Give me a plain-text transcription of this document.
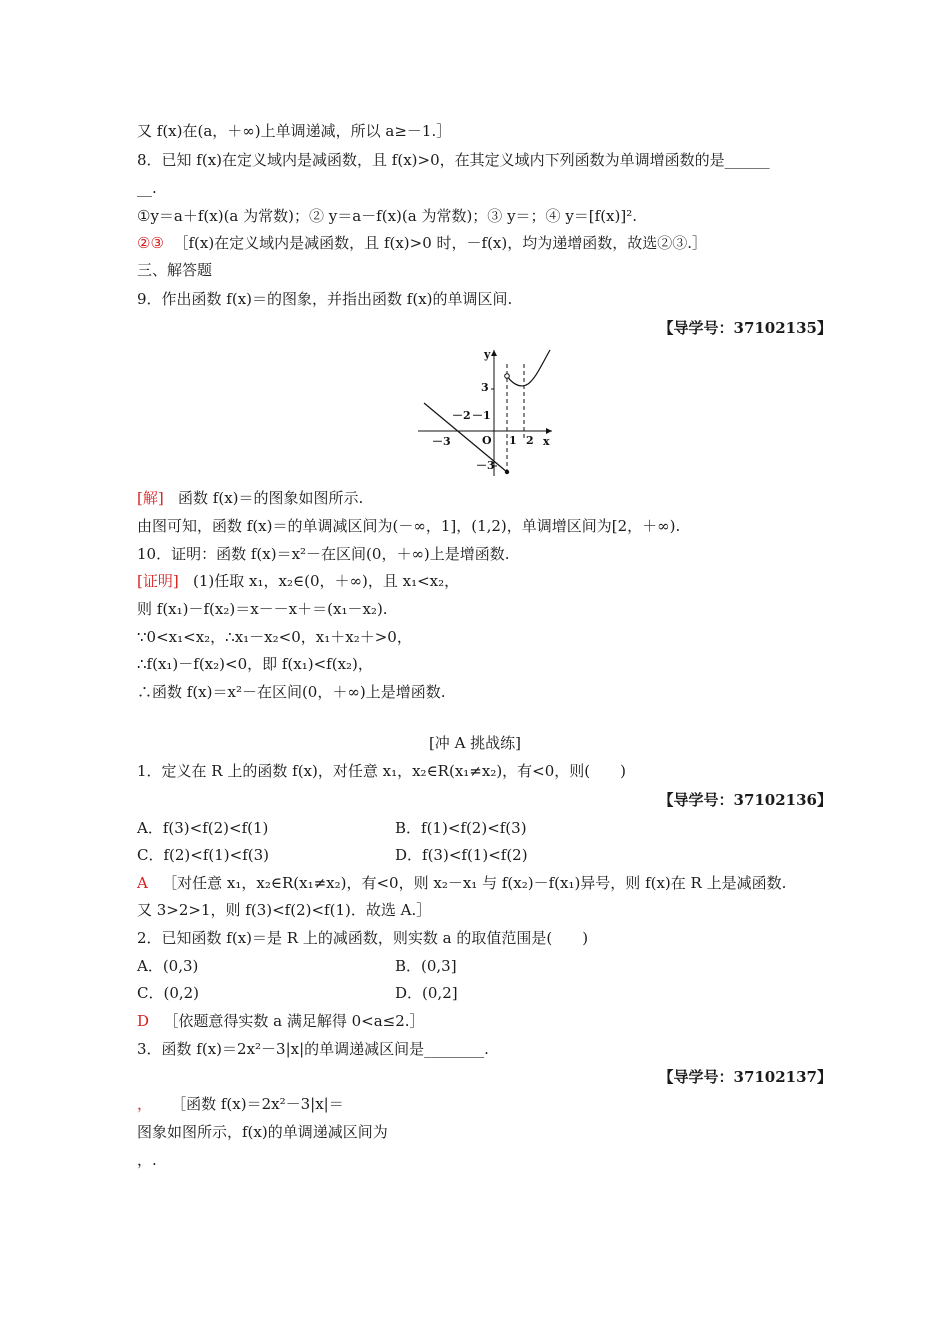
又 f(x)在(a，＋∞)上单调递减，所以 a≥－1.］
8．已知 f(x)在定义域内是减函数，且 f(x)>0，在其定义域内下列函数为单调增函数的是______
__.
①y＝a＋f(x)(a 为常数)；② y＝a－f(x)(a 为常数)；③ y＝；④ y＝[f(x)]².
②③ ［f(x)在定义域内是减函数，且 f(x)>0 时，－f(x)，均为递增函数，故选②③.］
三、解答题
9．作出函数 f(x)＝的图象，并指出函数 f(x)的单调区间.
【导学号：37102135】
y
x
3
－2 －1
－3	O 1 2
－3
[解] 函数 f(x)＝的图象如图所示.
由图可知，函数 f(x)＝的单调减区间为(－∞，1]，(1,2)，单调增区间为[2，＋∞).
10．证明：函数 f(x)＝x²－在区间(0，＋∞)上是增函数.
[证明] (1)任取 x₁，x₂∈(0，＋∞)，且 x₁<x₂，
则 f(x₁)－f(x₂)＝x－－x＋＝(x₁－x₂).
∵0<x₁<x₂，∴x₁－x₂<0，x₁＋x₂＋>0，
∴f(x₁)－f(x₂)<0，即 f(x₁)<f(x₂)，
∴函数 f(x)＝x²－在区间(0，＋∞)上是增函数.
[冲 A 挑战练]
1．定义在 R 上的函数 f(x)，对任意 x₁，x₂∈R(x₁≠x₂)，有<0，则(　　)
【导学号：37102136】
A．f(3)<f(2)<f(1)	B．f(1)<f(2)<f(3)
C．f(2)<f(1)<f(3)	D．f(3)<f(1)<f(2)
A ［对任意 x₁，x₂∈R(x₁≠x₂)，有<0，则 x₂－x₁ 与 f(x₂)－f(x₁)异号，则 f(x)在 R 上是减函数.
又 3>2>1，则 f(3)<f(2)<f(1)．故选 A.］
2．已知函数 f(x)＝是 R 上的减函数，则实数 a 的取值范围是(　　)
A．(0,3)	B．(0,3]
C．(0,2)	D．(0,2]
D ［依题意得实数 a 满足解得 0<a≤2.］
3．函数 f(x)＝2x²－3|x|的单调递减区间是________.
【导学号：37102137】
， ［函数 f(x)＝2x²－3|x|＝
图象如图所示，f(x)的单调递减区间为
，.
